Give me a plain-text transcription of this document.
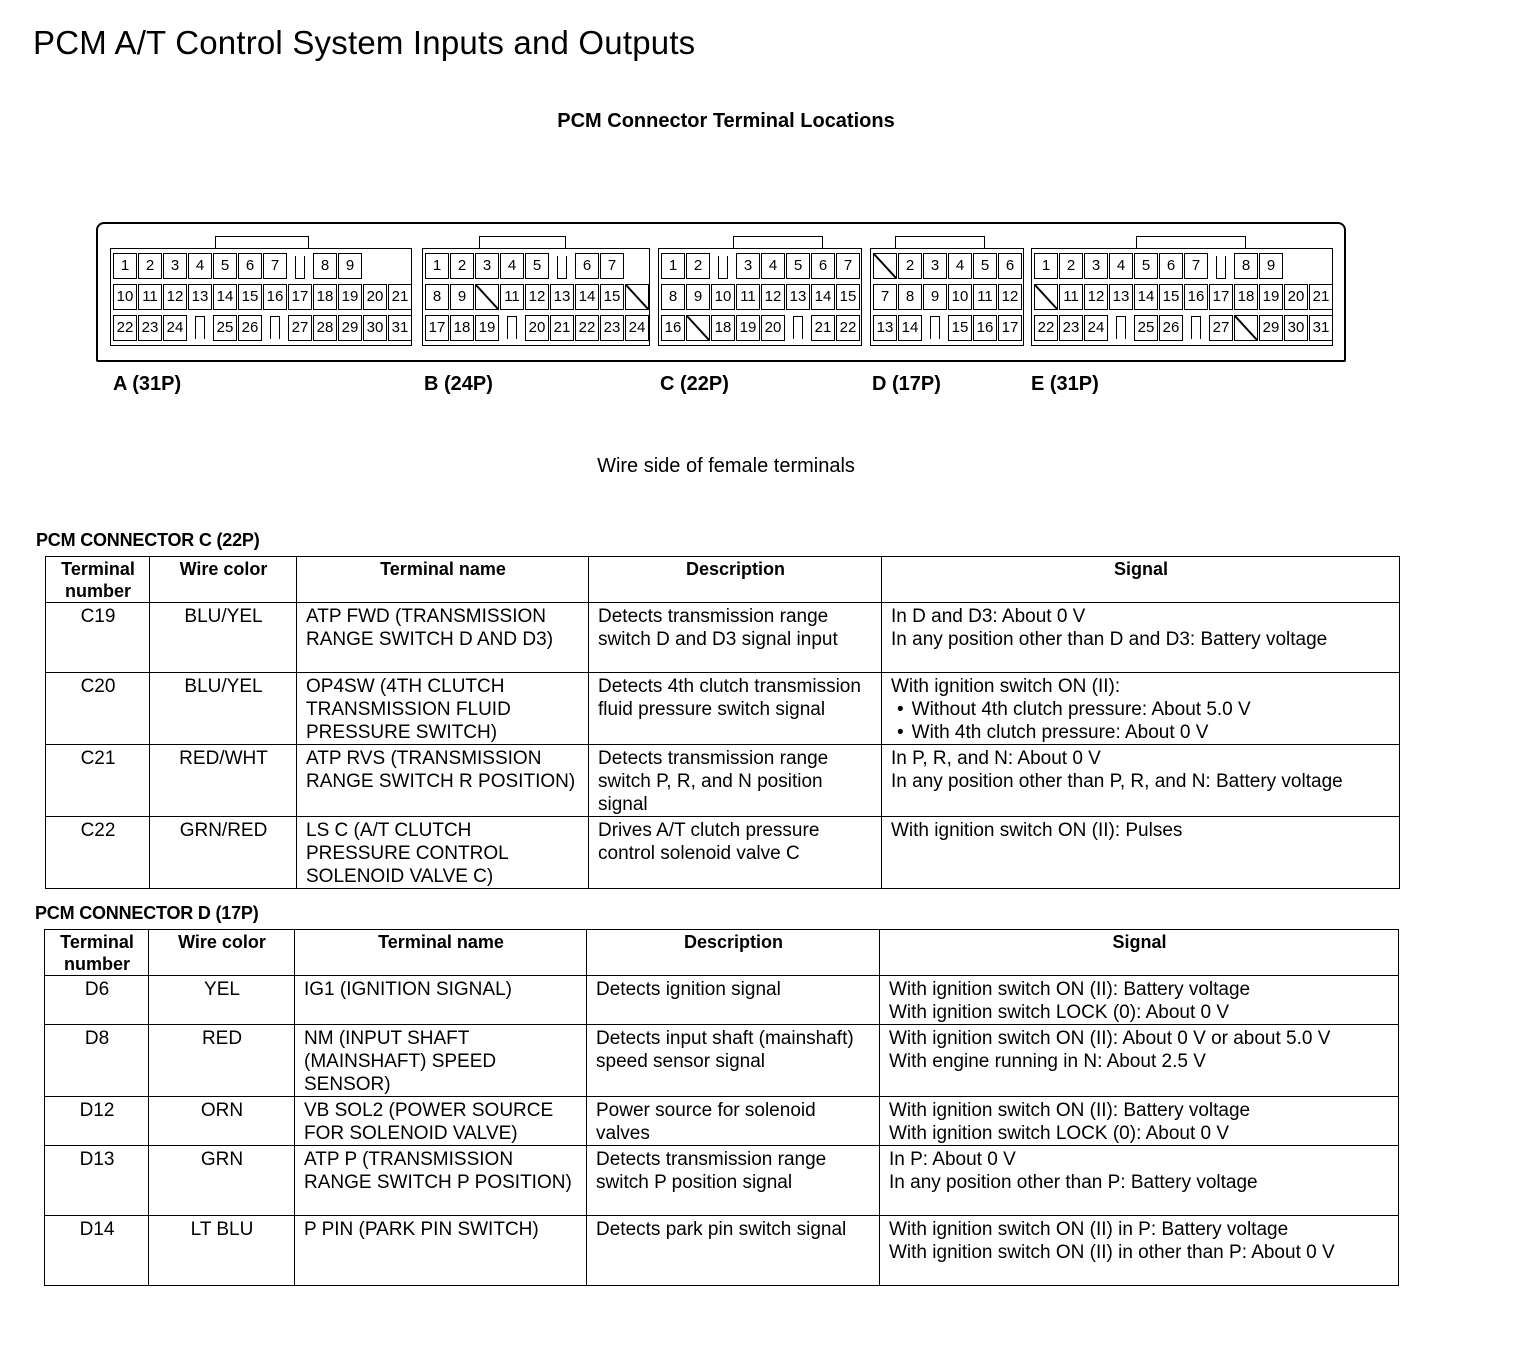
PCM A/T Control System Inputs and Outputs
PCM Connector Terminal Locations
1	2	3	4	5	6	7	8	9
10 11 12 13 14 15 16 17 18 19 20 21
22 23 24 25 26 27 28 29 30 31
1	2	3	4	5	6	7
8	9	11 12 13 14 15
17 18 19 20 21 22 23 24
1	2	3	4	5	6	7
8	9 10 11 12 13 14 15
16 18 19 20 21 22
2	3	4	5	6
7	8	9 10 11 12
13 14 15 16 17
1	2	3	4	5	6	7	8	9
11 12 13 14 15 16 17 18 19 20 21
22 23 24 25 26 27 29 30 31
A (31P)	B (24P)	C (22P)	D (17P)	E (31P)
Wire side of female terminals
PCM CONNECTOR C (22P)
Terminal number	Wire color	Terminal name	Description	Signal
C19	BLU/YEL	ATP FWD (TRANSMISSION RANGE SWITCH D AND D3)	Detects transmission range switch D and D3 signal input	In D and D3: About 0 V
In any position other than D and D3: Battery voltage

C20	BLU/YEL	OP4SW (4TH CLUTCH TRANSMISSION FLUID PRESSURE SWITCH)	Detects 4th clutch transmission fluid pressure switch signal	With ignition switch ON (II):
• Without 4th clutch pressure: About 5.0 V
• With 4th clutch pressure: About 0 V

C21	RED/WHT	ATP RVS (TRANSMISSION RANGE SWITCH R POSITION)	Detects transmission range switch P, R, and N position signal	In P, R, and N: About 0 V
In any position other than P, R, and N: Battery voltage

C22	GRN/RED	LS C (A/T CLUTCH PRESSURE CONTROL SOLENOID VALVE C)	Drives A/T clutch pressure control solenoid valve C	With ignition switch ON (II): Pulses
PCM CONNECTOR D (17P)
Terminal number	Wire color	Terminal name	Description	Signal
D6	YEL	IG1 (IGNITION SIGNAL)	Detects ignition signal	With ignition switch ON (II): Battery voltage
With ignition switch LOCK (0): About 0 V

D8	RED	NM (INPUT SHAFT (MAINSHAFT) SPEED SENSOR)	Detects input shaft (mainshaft) speed sensor signal	With ignition switch ON (II): About 0 V or about 5.0 V
With engine running in N: About 2.5 V

D12	ORN	VB SOL2 (POWER SOURCE FOR SOLENOID VALVE)	Power source for solenoid valves	With ignition switch ON (II): Battery voltage
With ignition switch LOCK (0): About 0 V

D13	GRN	ATP P (TRANSMISSION RANGE SWITCH P POSITION)	Detects transmission range switch P position signal	In P: About 0 V
In any position other than P: Battery voltage

D14	LT BLU	P PIN (PARK PIN SWITCH)	Detects park pin switch signal	With ignition switch ON (II) in P: Battery voltage
With ignition switch ON (II) in other than P: About 0 V
